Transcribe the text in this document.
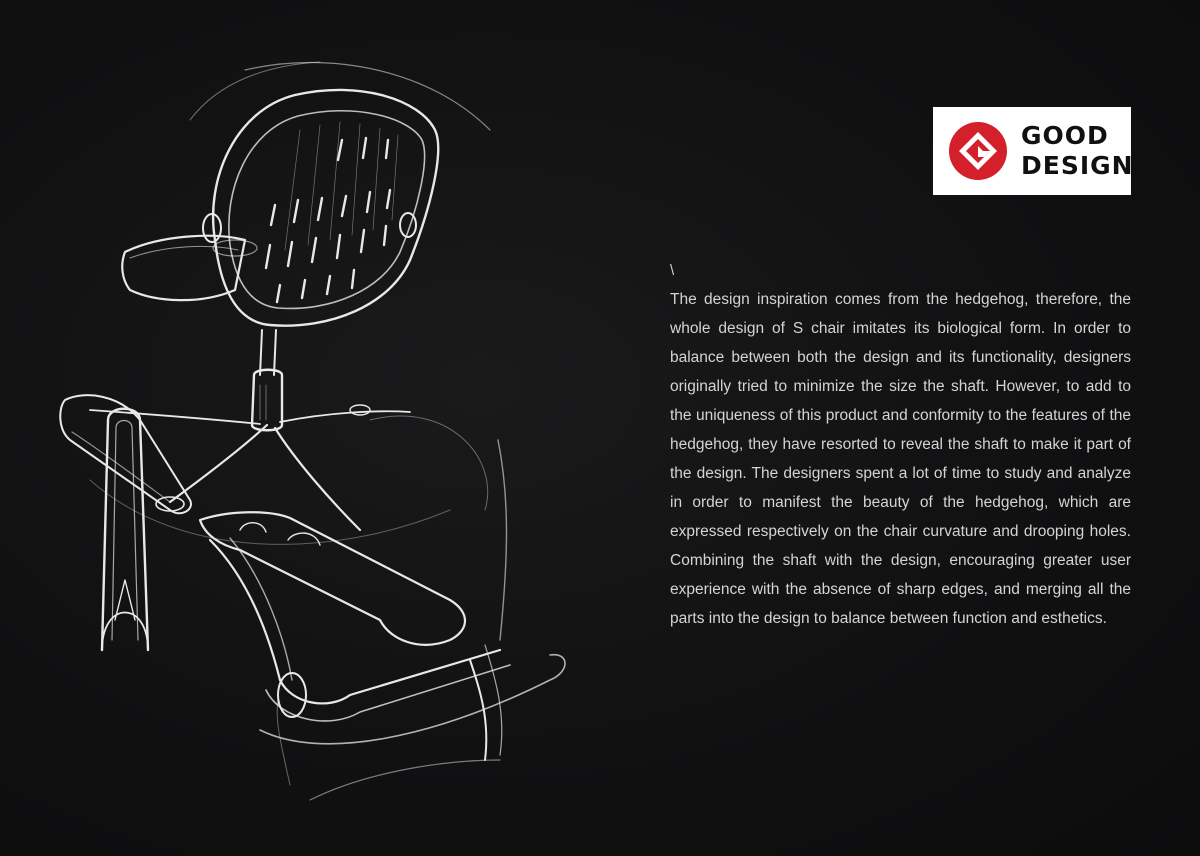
GOOD
DESIGN
\

The design inspiration comes from the hedgehog, therefore, the whole design of S chair imitates its biological form. In order to balance between both the design and its functionality, designers originally tried to minimize the size the shaft. However, to add to the uniqueness of this product and conformity to the features of the hedgehog, they have resorted to reveal the shaft to make it part of the design. The designers spent a lot of time to study and analyze in order to manifest the beauty of the hedgehog, which are expressed respectively on the chair curvature and drooping holes. Combining the shaft with the design, encouraging greater user experience with the absence of sharp edges, and merging all the parts into the design to balance between function and esthetics.
